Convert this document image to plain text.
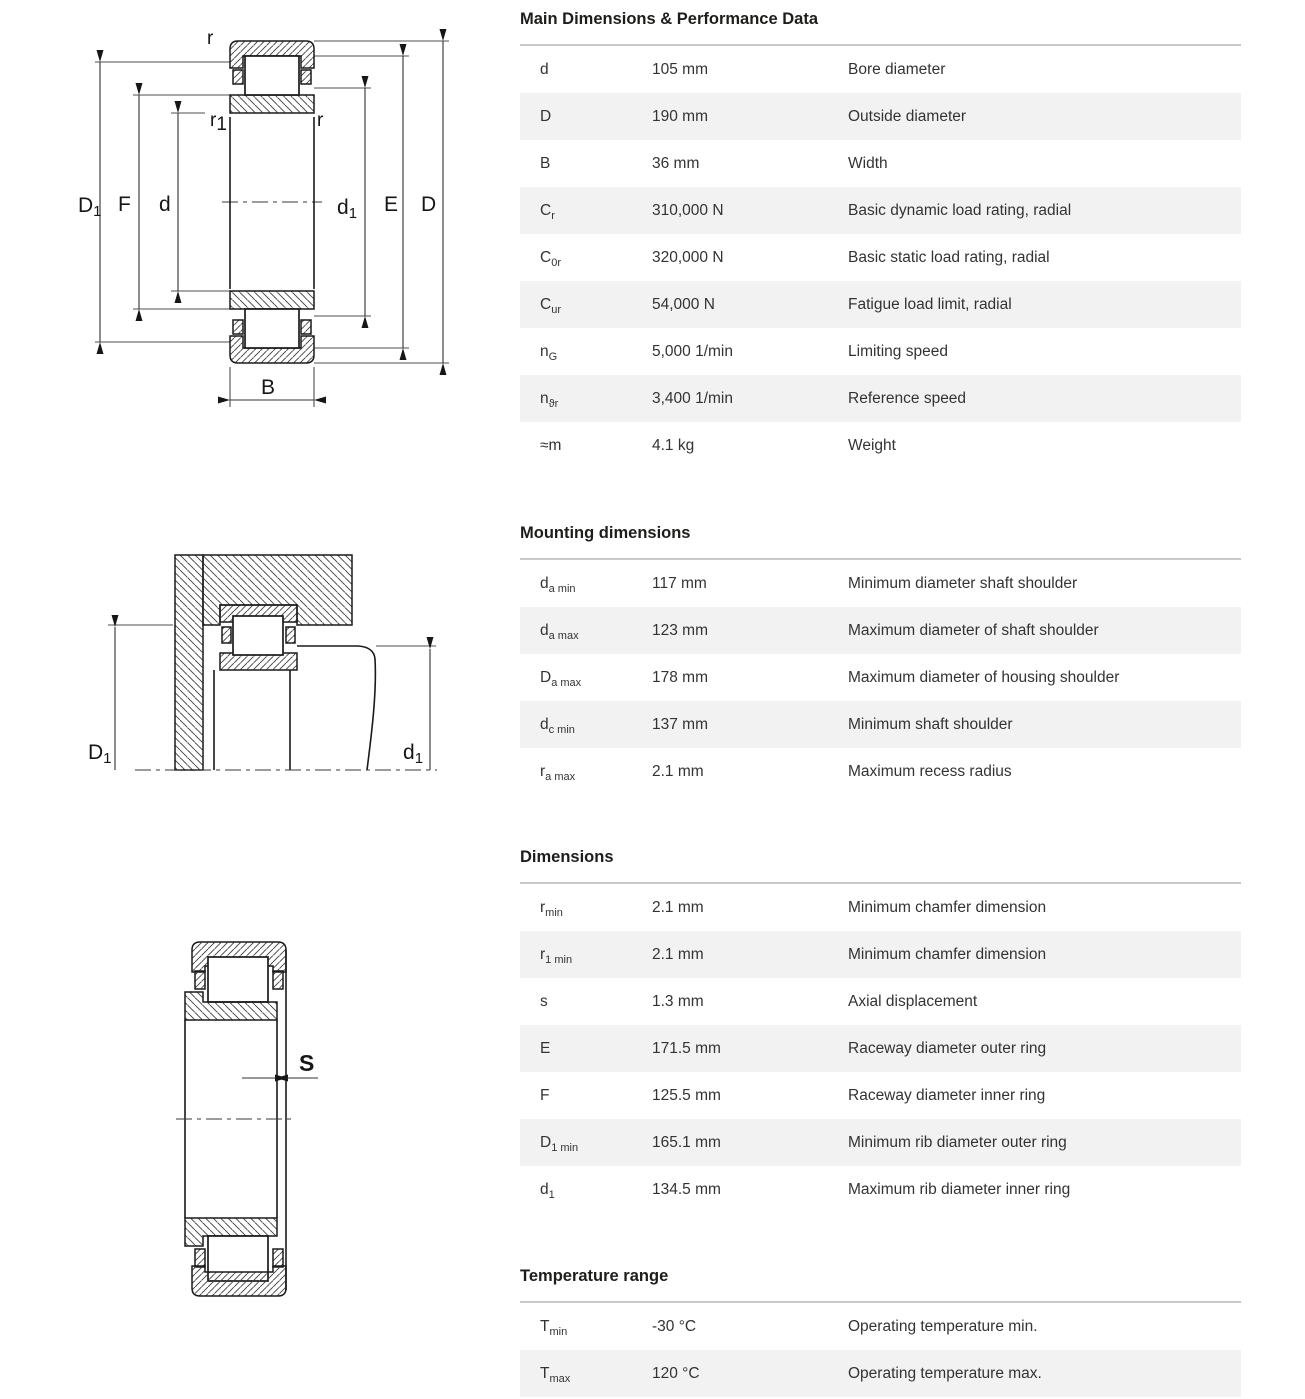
D1 F d	d1 E D
B
r
r1	r
D1	d1
S
Main Dimensions & Performance Data
d	105 mm	Bore diameter
D	190 mm	Outside diameter
B	36 mm	Width
$C_r$	310,000 N	Basic dynamic load rating, radial
$C_{0r}$	320,000 N	Basic static load rating, radial
$C_{ur}$	54,000 N	Fatigue load limit, radial
$n_G$	5,000 1/min	Limiting speed
$n_{ϑr}$	3,400 1/min	Reference speed
≈m	4.1 kg	Weight
Mounting dimensions
$d_{a min}$	117 mm	Minimum diameter shaft shoulder
$d_{a max}$	123 mm	Maximum diameter of shaft shoulder
$D_{a max}$	178 mm	Maximum diameter of housing shoulder
$d_{c min}$	137 mm	Minimum shaft shoulder
$r_{a max}$	2.1 mm	Maximum recess radius
Dimensions
$r_{min}$	2.1 mm	Minimum chamfer dimension
$r_{1 min}$	2.1 mm	Minimum chamfer dimension
s	1.3 mm	Axial displacement
E	171.5 mm	Raceway diameter outer ring
F	125.5 mm	Raceway diameter inner ring
$D_{1 min}$	165.1 mm	Minimum rib diameter outer ring
$d_1$	134.5 mm	Maximum rib diameter inner ring
Temperature range
$T_{min}$	-30 °C	Operating temperature min.
$T_{max}$	120 °C	Operating temperature max.
